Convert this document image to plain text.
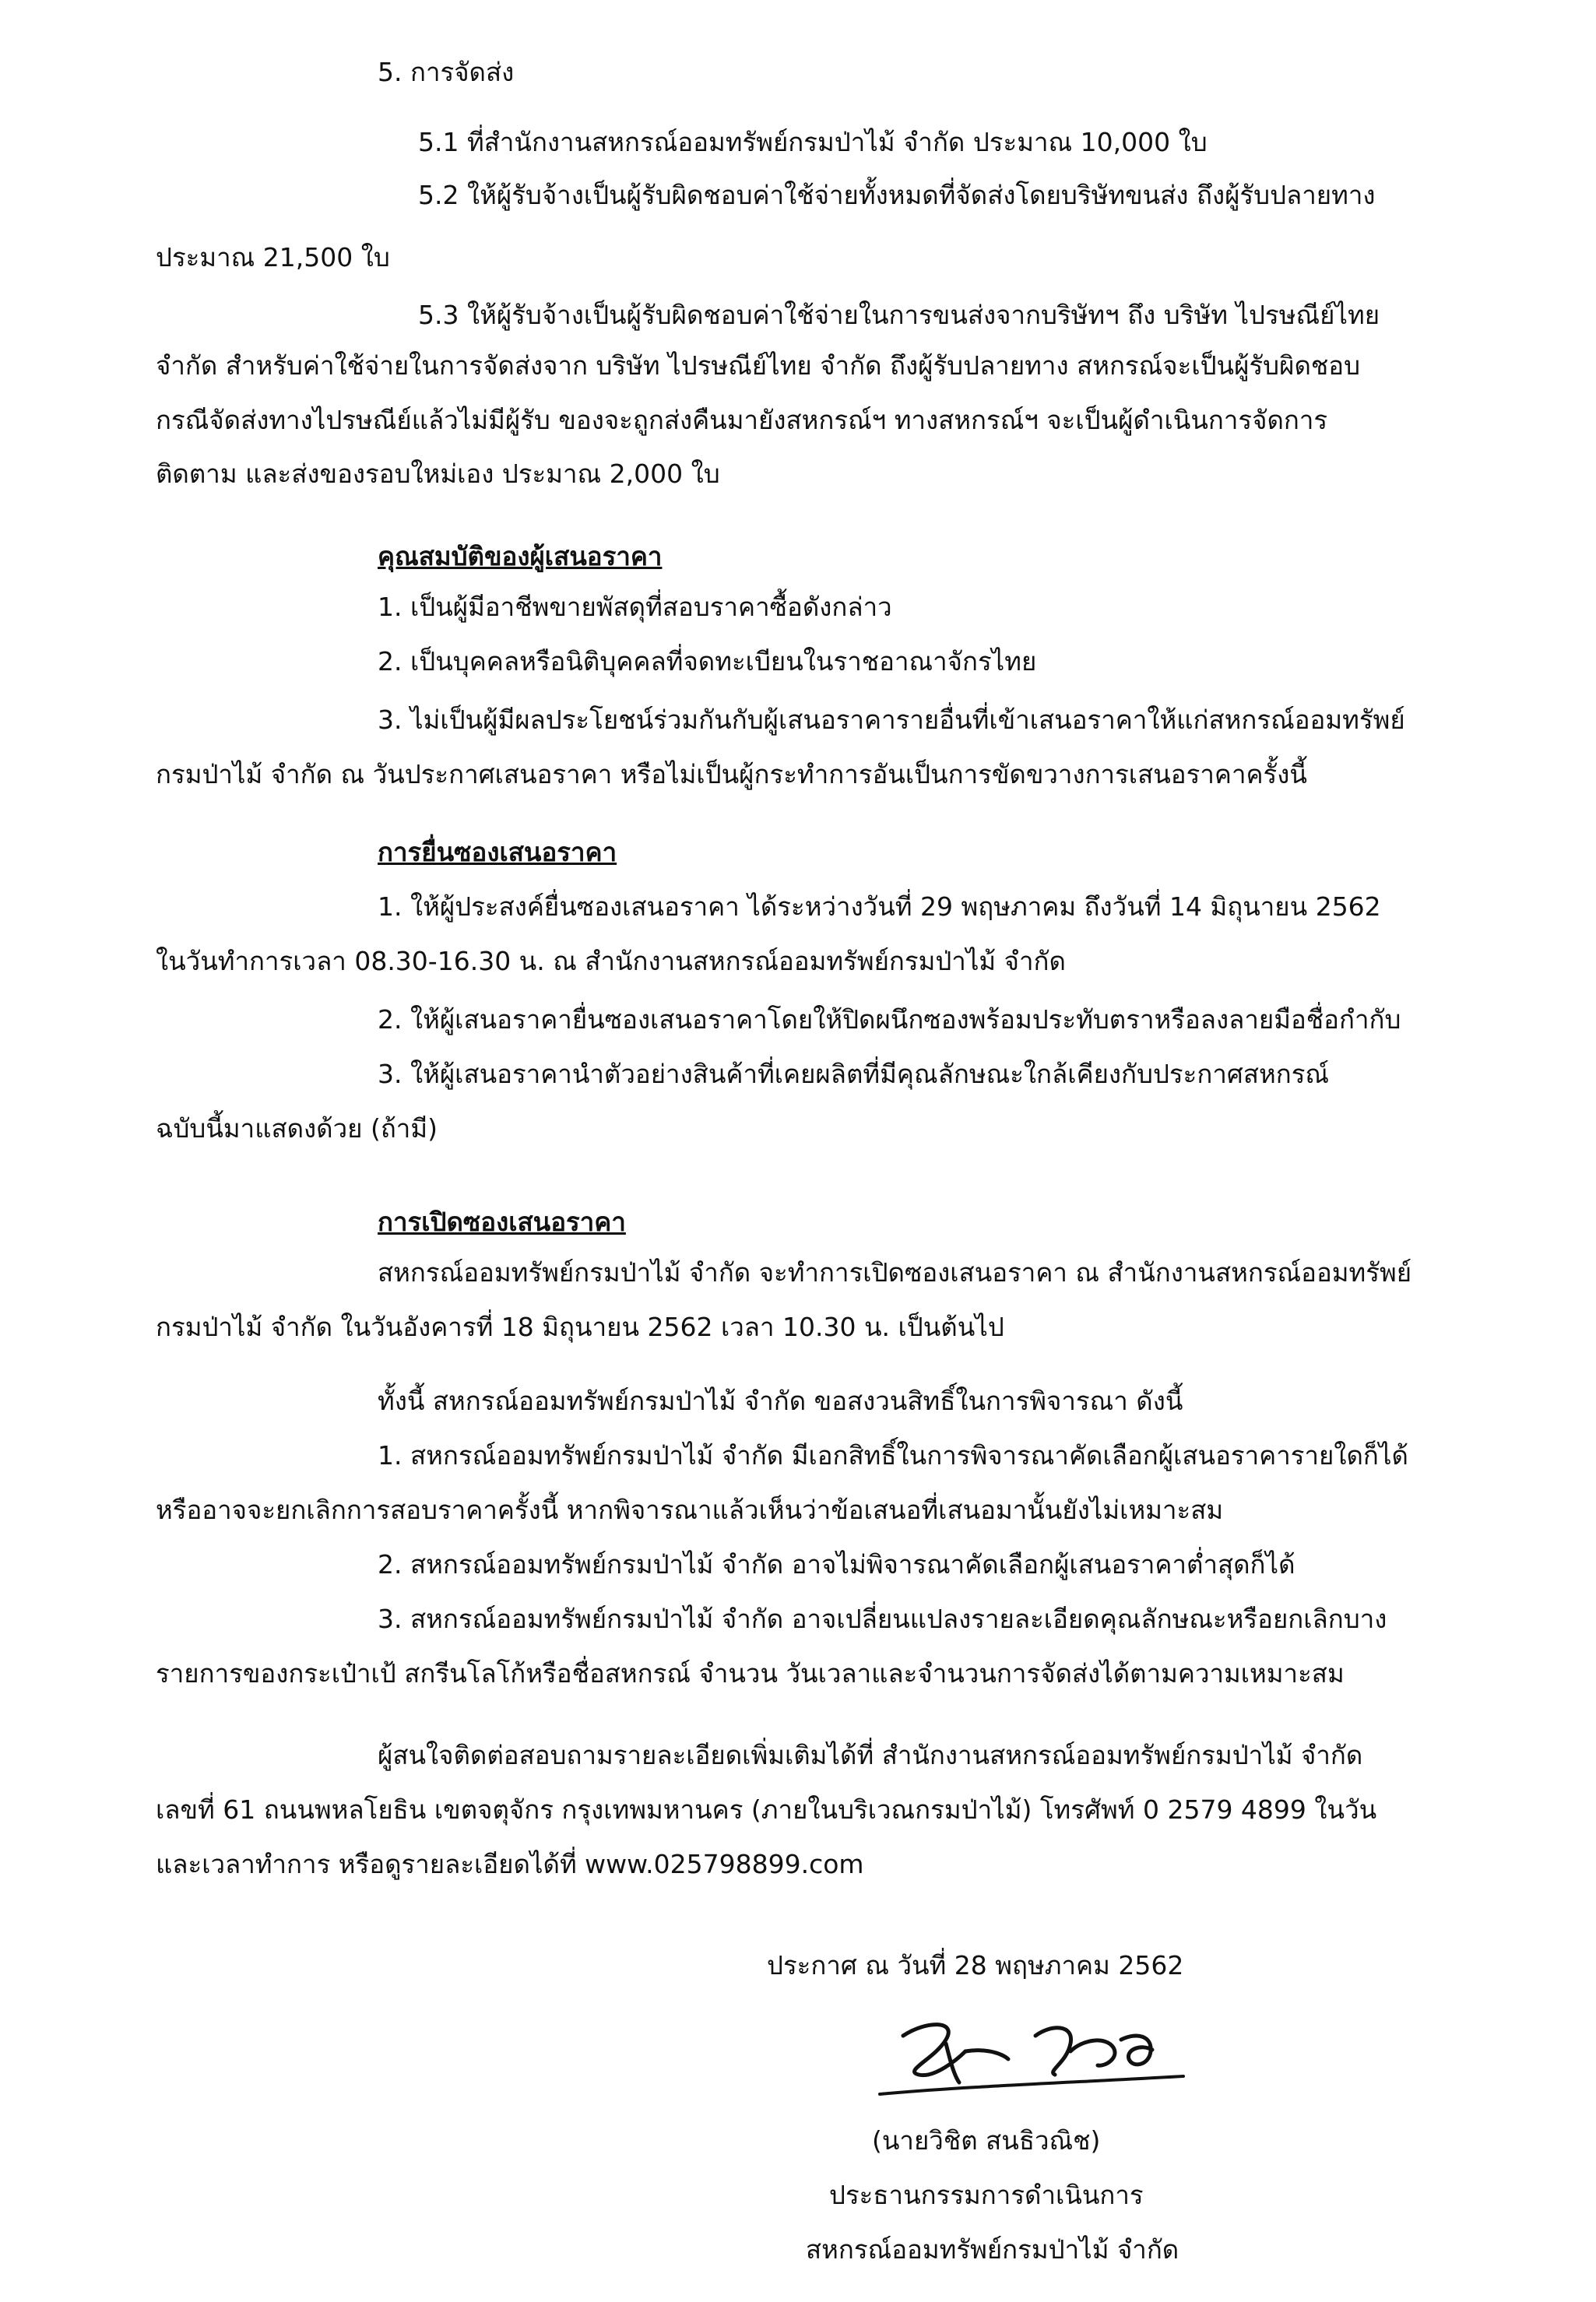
5. การจัดส่ง
5.1 ที่สำนักงานสหกรณ์ออมทรัพย์กรมป่าไม้ จำกัด ประมาณ 10,000 ใบ
5.2 ให้ผู้รับจ้างเป็นผู้รับผิดชอบค่าใช้จ่ายทั้งหมดที่จัดส่งโดยบริษัทขนส่ง ถึงผู้รับปลายทาง
ประมาณ 21,500 ใบ
5.3 ให้ผู้รับจ้างเป็นผู้รับผิดชอบค่าใช้จ่ายในการขนส่งจากบริษัทฯ ถึง บริษัท ไปรษณีย์ไทย
จำกัด สำหรับค่าใช้จ่ายในการจัดส่งจาก บริษัท ไปรษณีย์ไทย จำกัด ถึงผู้รับปลายทาง สหกรณ์จะเป็นผู้รับผิดชอบ
กรณีจัดส่งทางไปรษณีย์แล้วไม่มีผู้รับ ของจะถูกส่งคืนมายังสหกรณ์ฯ ทางสหกรณ์ฯ จะเป็นผู้ดำเนินการจัดการ
ติดตาม และส่งของรอบใหม่เอง ประมาณ 2,000 ใบ
คุณสมบัติของผู้เสนอราคา
1. เป็นผู้มีอาชีพขายพัสดุที่สอบราคาซื้อดังกล่าว
2. เป็นบุคคลหรือนิติบุคคลที่จดทะเบียนในราชอาณาจักรไทย
3. ไม่เป็นผู้มีผลประโยชน์ร่วมกันกับผู้เสนอราคารายอื่นที่เข้าเสนอราคาให้แก่สหกรณ์ออมทรัพย์
กรมป่าไม้ จำกัด ณ วันประกาศเสนอราคา หรือไม่เป็นผู้กระทำการอันเป็นการขัดขวางการเสนอราคาครั้งนี้
การยื่นซองเสนอราคา
1. ให้ผู้ประสงค์ยื่นซองเสนอราคา ได้ระหว่างวันที่ 29 พฤษภาคม ถึงวันที่ 14 มิถุนายน 2562
ในวันทำการเวลา 08.30-16.30 น. ณ สำนักงานสหกรณ์ออมทรัพย์กรมป่าไม้ จำกัด
2. ให้ผู้เสนอราคายื่นซองเสนอราคาโดยให้ปิดผนึกซองพร้อมประทับตราหรือลงลายมือชื่อกำกับ
3. ให้ผู้เสนอราคานำตัวอย่างสินค้าที่เคยผลิตที่มีคุณลักษณะใกล้เคียงกับประกาศสหกรณ์
ฉบับนี้มาแสดงด้วย (ถ้ามี)
การเปิดซองเสนอราคา
สหกรณ์ออมทรัพย์กรมป่าไม้ จำกัด จะทำการเปิดซองเสนอราคา ณ สำนักงานสหกรณ์ออมทรัพย์
กรมป่าไม้ จำกัด ในวันอังคารที่ 18 มิถุนายน 2562 เวลา 10.30 น. เป็นต้นไป
ทั้งนี้ สหกรณ์ออมทรัพย์กรมป่าไม้ จำกัด ขอสงวนสิทธิ์ในการพิจารณา ดังนี้
1. สหกรณ์ออมทรัพย์กรมป่าไม้ จำกัด มีเอกสิทธิ์ในการพิจารณาคัดเลือกผู้เสนอราคารายใดก็ได้
หรืออาจจะยกเลิกการสอบราคาครั้งนี้ หากพิจารณาแล้วเห็นว่าข้อเสนอที่เสนอมานั้นยังไม่เหมาะสม
2. สหกรณ์ออมทรัพย์กรมป่าไม้ จำกัด อาจไม่พิจารณาคัดเลือกผู้เสนอราคาต่ำสุดก็ได้
3. สหกรณ์ออมทรัพย์กรมป่าไม้ จำกัด อาจเปลี่ยนแปลงรายละเอียดคุณลักษณะหรือยกเลิกบาง
รายการของกระเป๋าเป้ สกรีนโลโก้หรือชื่อสหกรณ์ จำนวน วันเวลาและจำนวนการจัดส่งได้ตามความเหมาะสม
ผู้สนใจติดต่อสอบถามรายละเอียดเพิ่มเติมได้ที่ สำนักงานสหกรณ์ออมทรัพย์กรมป่าไม้ จำกัด
เลขที่ 61 ถนนพหลโยธิน เขตจตุจักร กรุงเทพมหานคร (ภายในบริเวณกรมป่าไม้) โทรศัพท์ 0 2579 4899 ในวัน
และเวลาทำการ หรือดูรายละเอียดได้ที่ www.025798899.com
ประกาศ ณ วันที่ 28 พฤษภาคม 2562
(นายวิชิต สนธิวณิช)
ประธานกรรมการดำเนินการ
สหกรณ์ออมทรัพย์กรมป่าไม้ จำกัด
